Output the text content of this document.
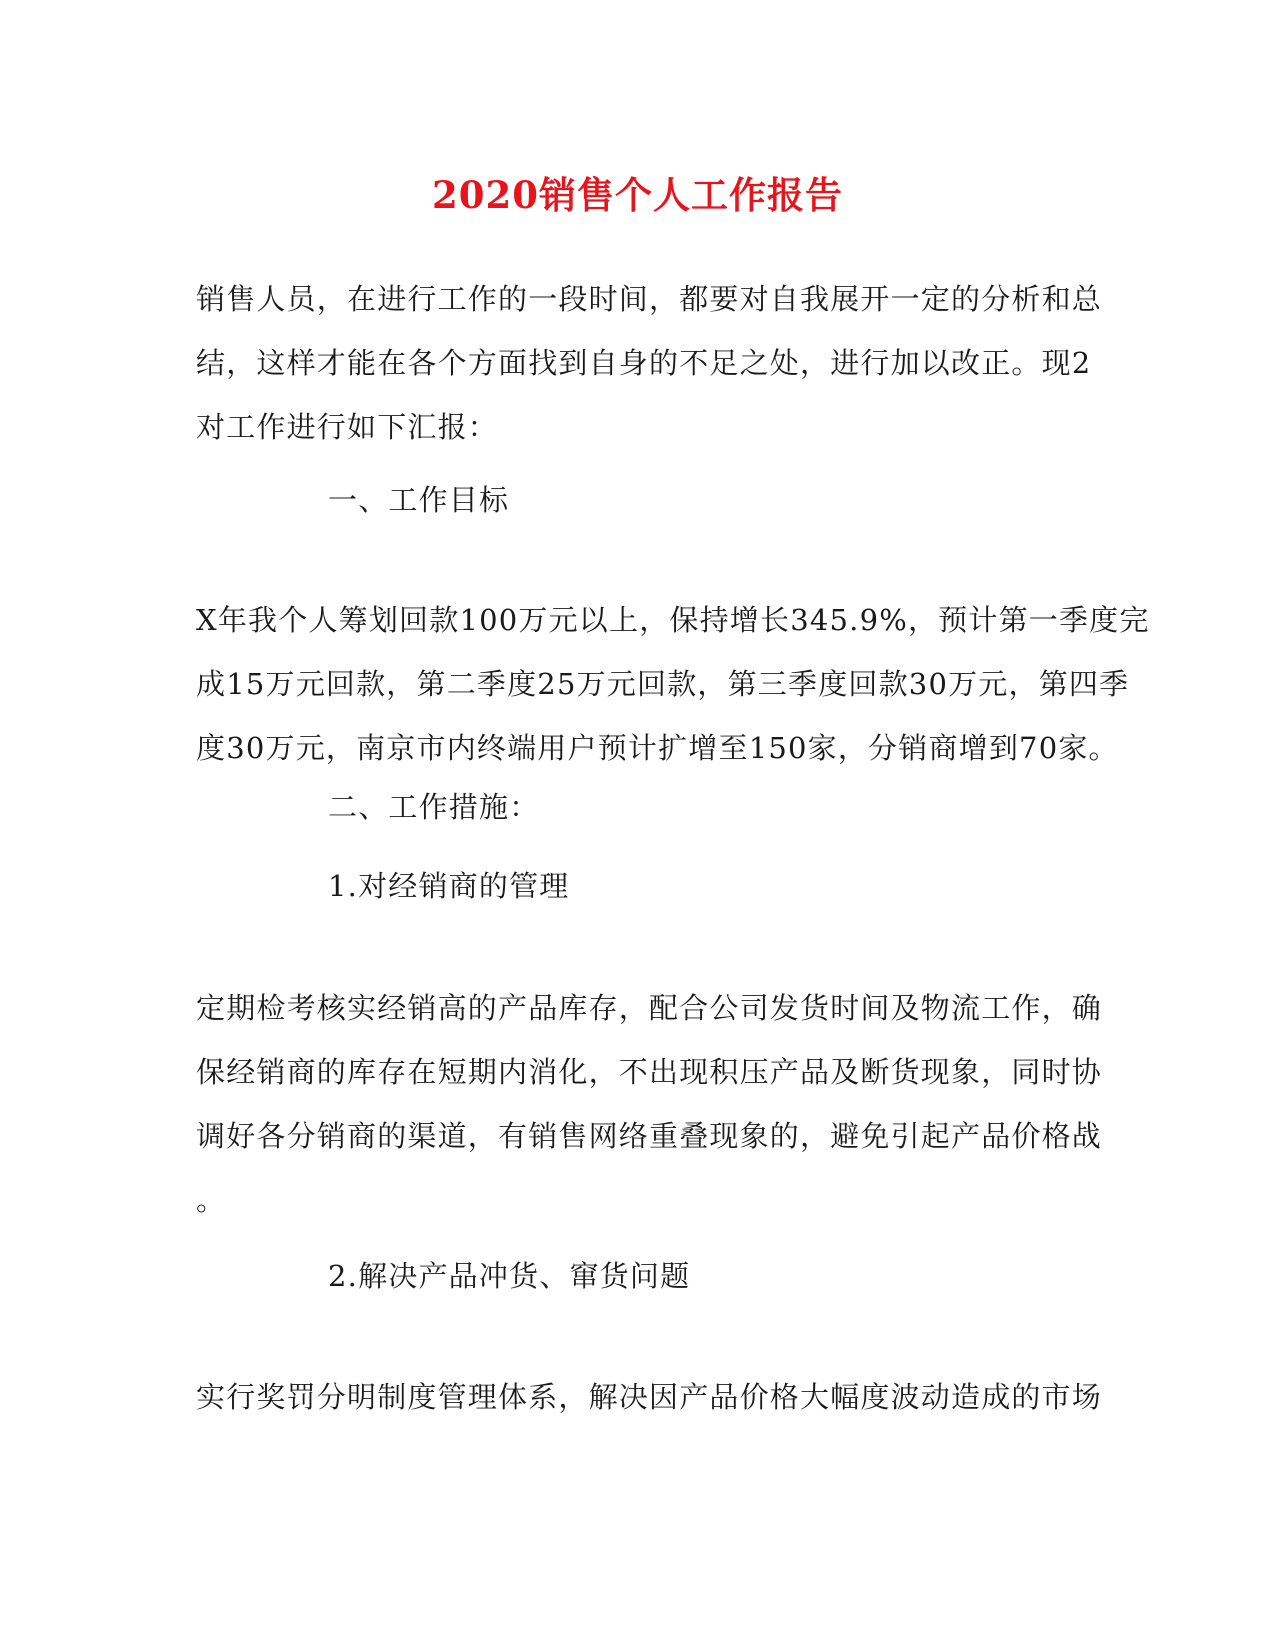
2020销售个人工作报告
销售人员，在进行工作的一段时间，都要对自我展开一定的分析和总
结，这样才能在各个方面找到自身的不足之处，进行加以改正。现2
对工作进行如下汇报：
一、工作目标
X年我个人筹划回款100万元以上，保持增长345.9%，预计第一季度完
成15万元回款，第二季度25万元回款，第三季度回款30万元，第四季
度30万元，南京市内终端用户预计扩增至150家，分销商增到70家。
二、工作措施：
1.对经销商的管理
定期检考核实经销高的产品库存，配合公司发货时间及物流工作，确
保经销商的库存在短期内消化，不出现积压产品及断货现象，同时协
调好各分销商的渠道，有销售网络重叠现象的，避免引起产品价格战
。
2.解决产品冲货、窜货问题
实行奖罚分明制度管理体系，解决因产品价格大幅度波动造成的市场
